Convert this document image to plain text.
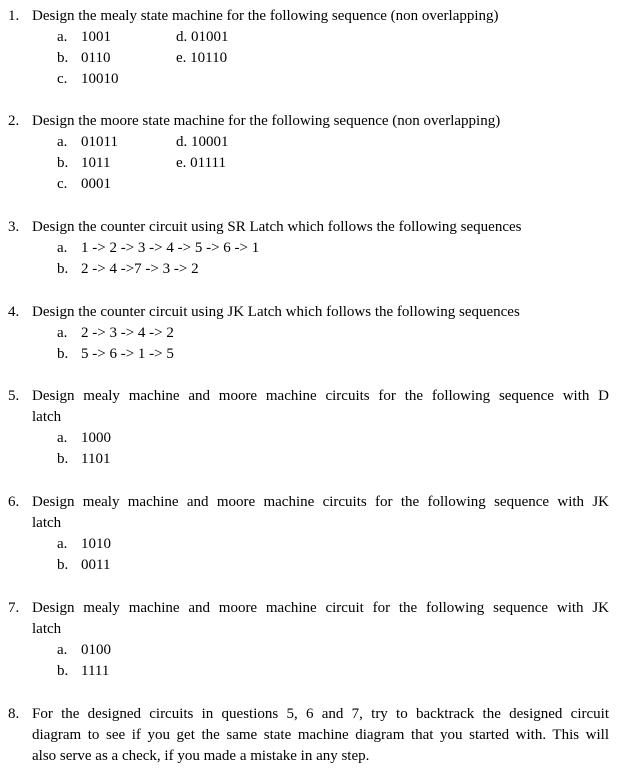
1. Design the mealy state machine for the following sequence (non overlapping)
a. 1001
b. 0110
c. 10010
d. 01001
e. 10110
2. Design the moore state machine for the following sequence (non overlapping)
a. 01011
b. 1011
c. 0001
d. 10001
e. 01111
3. Design the counter circuit using SR Latch which follows the following sequences
a. 1 -> 2 -> 3 -> 4 -> 5 -> 6 -> 1
b. 2 -> 4 ->7 -> 3 -> 2
4. Design the counter circuit using JK Latch which follows the following sequences
a. 2 -> 3 -> 4 -> 2
b. 5 -> 6 -> 1 -> 5
5. Design mealy machine and moore machine circuits for the following sequence with D
latch
a. 1000
b. 1101
6. Design mealy machine and moore machine circuits for the following sequence with JK
latch
a. 1010
b. 0011
7. Design mealy machine and moore machine circuit for the following sequence with JK
latch
a. 0100
b. 1111
8. For the designed circuits in questions 5, 6 and 7, try to backtrack the designed circuit
diagram to see if you get the same state machine diagram that you started with. This will
also serve as a check, if you made a mistake in any step.
